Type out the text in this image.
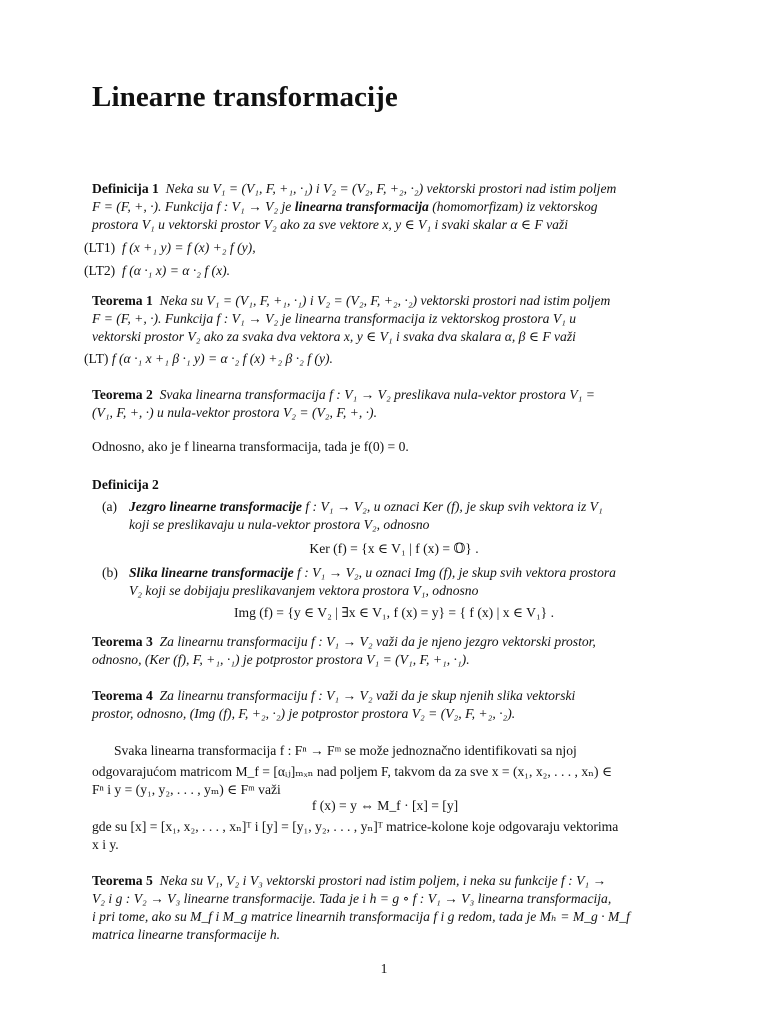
Linearne transformacije
Definicija 1 Neka su V₁ = (V₁, F, +₁, ·₁) i V₂ = (V₂, F, +₂, ·₂) vektorski prostori nad istim poljem
F = (F, +, ·). Funkcija f : V₁ → V₂ je linearna transformacija (homomorfizam) iz vektorskog
prostora V₁ u vektorski prostor V₂ ako za sve vektore x, y ∈ V₁ i svaki skalar α ∈ F važi
(LT1) f (x +₁ y) = f (x) +₂ f (y),
(LT2) f (α ·₁ x) = α ·₂ f (x).
Teorema 1 Neka su V₁ = (V₁, F, +₁, ·₁) i V₂ = (V₂, F, +₂, ·₂) vektorski prostori nad istim poljem
F = (F, +, ·). Funkcija f : V₁ → V₂ je linearna transformacija iz vektorskog prostora V₁ u
vektorski prostor V₂ ako za svaka dva vektora x, y ∈ V₁ i svaka dva skalara α, β ∈ F važi
(LT) f (α ·₁ x +₁ β ·₁ y) = α ·₂ f (x) +₂ β ·₂ f (y).
Teorema 2 Svaka linearna transformacija f : V₁ → V₂ preslikava nula-vektor prostora V₁ =
(V₁, F, +, ·) u nula-vektor prostora V₂ = (V₂, F, +, ·).
Odnosno, ako je f linearna transformacija, tada je f(0) = 0.
Definicija 2
(a) Jezgro linearne transformacije f : V₁ → V₂, u oznaci Ker (f), je skup svih vektora iz V₁
koji se preslikavaju u nula-vektor prostora V₂, odnosno
Ker (f) = {x ∈ V₁ | f (x) = 𝕆} .
(b) Slika linearne transformacije f : V₁ → V₂, u oznaci Img (f), je skup svih vektora prostora
V₂ koji se dobijaju preslikavanjem vektora prostora V₁, odnosno
Img (f) = {y ∈ V₂ | ∃x ∈ V₁, f (x) = y} = { f (x) | x ∈ V₁} .
Teorema 3 Za linearnu transformaciju f : V₁ → V₂ važi da je njeno jezgro vektorski prostor,
odnosno, (Ker (f), F, +₁, ·₁) je potprostor prostora V₁ = (V₁, F, +₁, ·₁).
Teorema 4 Za linearnu transformaciju f : V₁ → V₂ važi da je skup njenih slika vektorski
prostor, odnosno, (Img (f), F, +₂, ·₂) je potprostor prostora V₂ = (V₂, F, +₂, ·₂).
Svaka linearna transformacija f : Fⁿ → Fᵐ se može jednoznačno identifikovati sa njoj
odgovarajućom matricom M_f = [αᵢⱼ]ₘₓₙ nad poljem F, takvom da za sve x = (x₁, x₂, . . . , xₙ) ∈
Fⁿ i y = (y₁, y₂, . . . , yₘ) ∈ Fᵐ važi
f (x) = y ⇔ M_f · [x] = [y]
gde su [x] = [x₁, x₂, . . . , xₙ]ᵀ i [y] = [y₁, y₂, . . . , yₙ]ᵀ matrice-kolone koje odgovaraju vektorima
x i y.
Teorema 5 Neka su V₁, V₂ i V₃ vektorski prostori nad istim poljem, i neka su funkcije f : V₁ →
V₂ i g : V₂ → V₃ linearne transformacije. Tada je i h = g ∘ f : V₁ → V₃ linearna transformacija,
i pri tome, ako su M_f i M_g matrice linearnih transformacija f i g redom, tada je Mₕ = M_g · M_f
matrica linearne transformacije h.
1
